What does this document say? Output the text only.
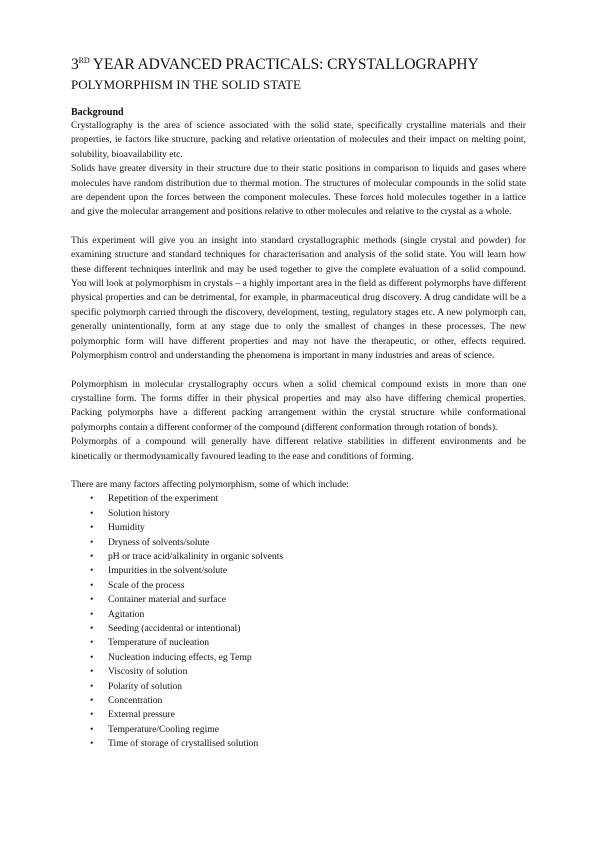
3RD YEAR ADVANCED PRACTICALS: CRYSTALLOGRAPHY
POLYMORPHISM IN THE SOLID STATE
Background

Crystallography is the area of science associated with the solid state, specifically crystalline materials and their properties, ie factors like structure, packing and relative orientation of molecules and their impact on melting point, solubility, bioavailability etc.

Solids have greater diversity in their structure due to their static positions in comparison to liquids and gases where molecules have random distribution due to thermal motion. The structures of molecular compounds in the solid state are dependent upon the forces between the component molecules. These forces hold molecules together in a lattice and give the molecular arrangement and positions relative to other molecules and relative to the crystal as a whole.

This experiment will give you an insight into standard crystallographic methods (single crystal and powder) for examining structure and standard techniques for characterisation and analysis of the solid state. You will learn how these different techniques interlink and may be used together to give the complete evaluation of a solid compound. You will look at polymorphism in crystals – a highly important area in the field as different polymorphs have different physical properties and can be detrimental, for example, in pharmaceutical drug discovery. A drug candidate will be a specific polymorph carried through the discovery, development, testing, regulatory stages etc. A new polymorph can, generally unintentionally, form at any stage due to only the smallest of changes in these processes. The new polymorphic form will have different properties and may not have the therapeutic, or other, effects required. Polymorphism control and understanding the phenomena is important in many industries and areas of science.

Polymorphism in molecular crystallography occurs when a solid chemical compound exists in more than one crystalline form. The forms differ in their physical properties and may also have differing chemical properties. Packing polymorphs have a different packing arrangement within the crystal structure while conformational polymorphs contain a different conformer of the compound (different conformation through rotation of bonds).

Polymorphs of a compound will generally have different relative stabilities in different environments and be kinetically or thermodynamically favoured leading to the ease and conditions of forming.

There are many factors affecting polymorphism, some of which include:

• Repetition of the experiment
• Solution history
• Humidity
• Dryness of solvents/solute
• pH or trace acid/alkalinity in organic solvents
• Impurities in the solvent/solute
• Scale of the process
• Container material and surface
• Agitation
• Seeding (accidental or intentional)
• Temperature of nucleation
• Nucleation inducing effects, eg Temp
• Viscosity of solution
• Polarity of solution
• Concentration
• External pressure
• Temperature/Cooling regime
• Time of storage of crystallised solution
